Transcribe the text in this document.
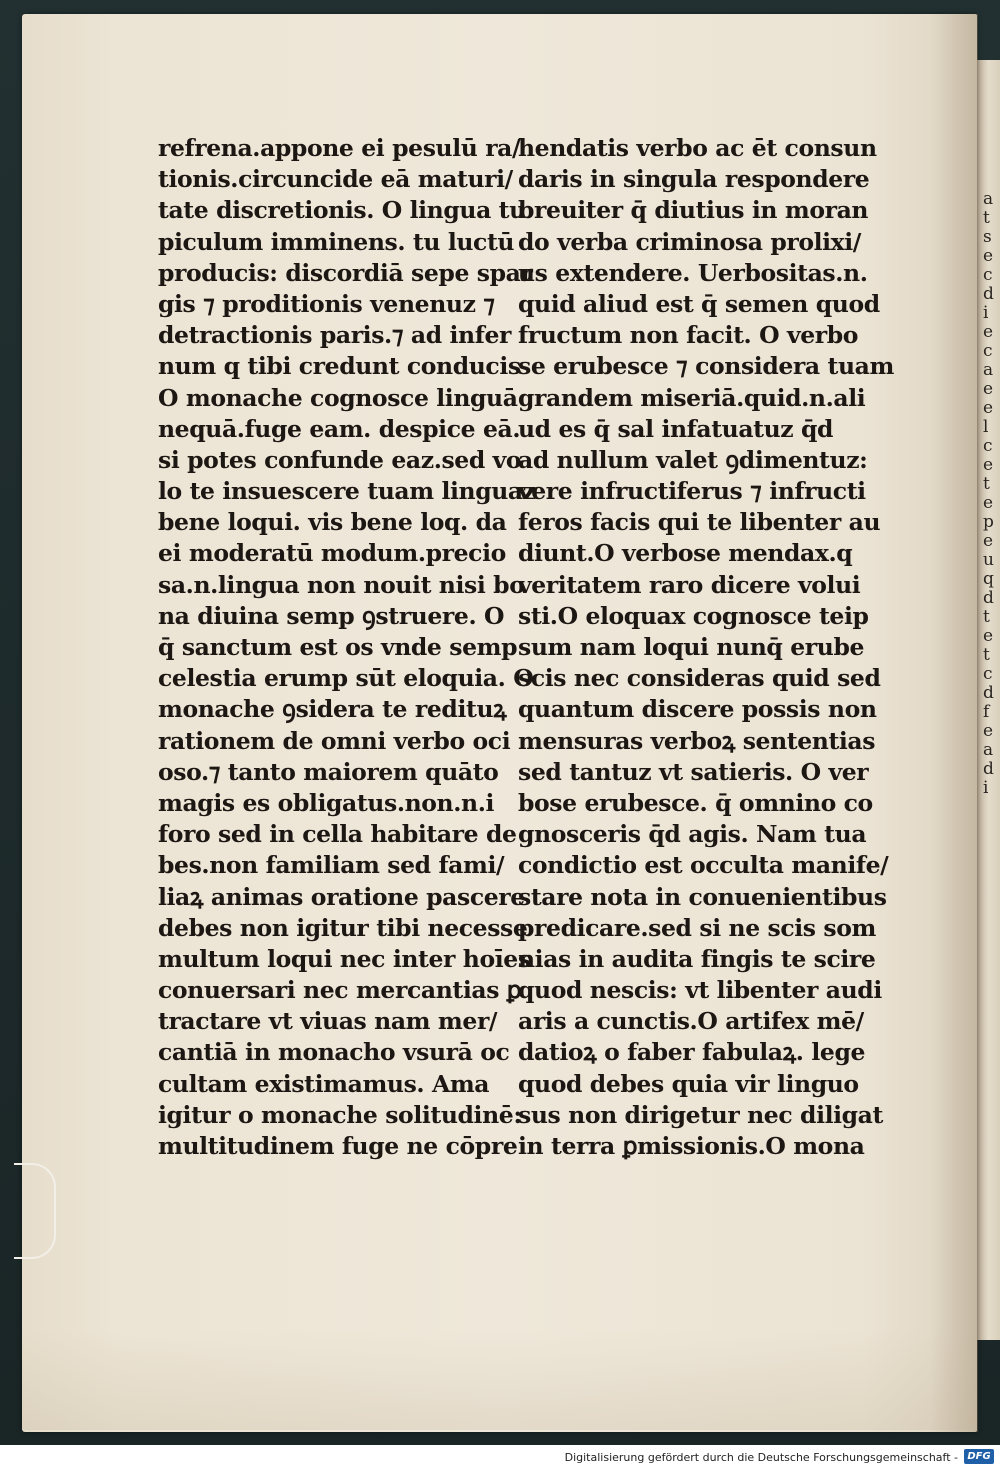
a
t
s
e
c
d
i
e
c
a
e
e
l
c
e
t
e
p
e
u
q
d
t
e
t
c
d
f
e
a
d
i
refrena.appone ei pesulū ra/
tionis.circuncide eā maturi/
tate discretionis. O lingua tu
piculum imminens. tu luctū
producis: discordiā sepe spar
gis ⁊ proditionis venenuz ⁊
detractionis paris.⁊ ad infer
num q tibi credunt conducis
O monache cognosce linguā
nequā.fuge eam. despice eā.
si potes confunde eaz.sed vo
lo te insuescere tuam linguaz
bene loqui. vis bene loq. da
ei moderatū modum.precio
sa.n.lingua non nouit nisi bo
na diuina semp ꝯstruere. O
q̄ sanctum est os vnde semp
celestia erump sūt eloquia. O
monache ꝯsidera te redituꝝ
rationem de omni verbo oci
oso.⁊ tanto maiorem quāto
magis es obligatus.non.n.i
foro sed in cella habitare de
bes.non familiam sed fami/
liaꝝ animas oratione pascere
debes non igitur tibi necesse
multum loqui nec inter hoīes
conuersari nec mercantias ꝑ
tractare vt viuas nam mer/
cantiā in monacho vsurā oc
cultam existimamus. Ama
igitur o monache solitudinē:
multitudinem fuge ne cōpre
hendatis verbo ac ēt consun
daris in singula respondere
breuiter q̄ diutius in moran
do verba criminosa prolixi/
us extendere. Uerbositas.n.
quid aliud est q̄ semen quod
fructum non facit. O verbo
se erubesce ⁊ considera tuam
grandem miseriā.quid.n.ali
ud es q̄ sal infatuatuz q̄d
ad nullum valet ꝯdimentuz:
vere infructiferus ⁊ infructi
feros facis qui te libenter au
diunt.O verbose mendax.q
veritatem raro dicere volui
sti.O eloquax cognosce teip
sum nam loqui nunq̄ erube
scis nec consideras quid sed
quantum discere possis non
mensuras verboꝝ sententias
sed tantuz vt satieris. O ver
bose erubesce. q̄ omnino co
gnosceris q̄d agis. Nam tua
condictio est occulta manife/
stare nota in conuenientibus
predicare.sed si ne scis som
nias in audita fingis te scire
quod nescis: vt libenter audi
aris a cunctis.O artifex mē/
datioꝝ o faber fabulaꝝ. lege
quod debes quia vir linguo
sus non dirigetur nec diligat
in terra ꝑmissionis.O mona
Digitalisierung gefördert durch die Deutsche Forschungsgemeinschaft - DFG
